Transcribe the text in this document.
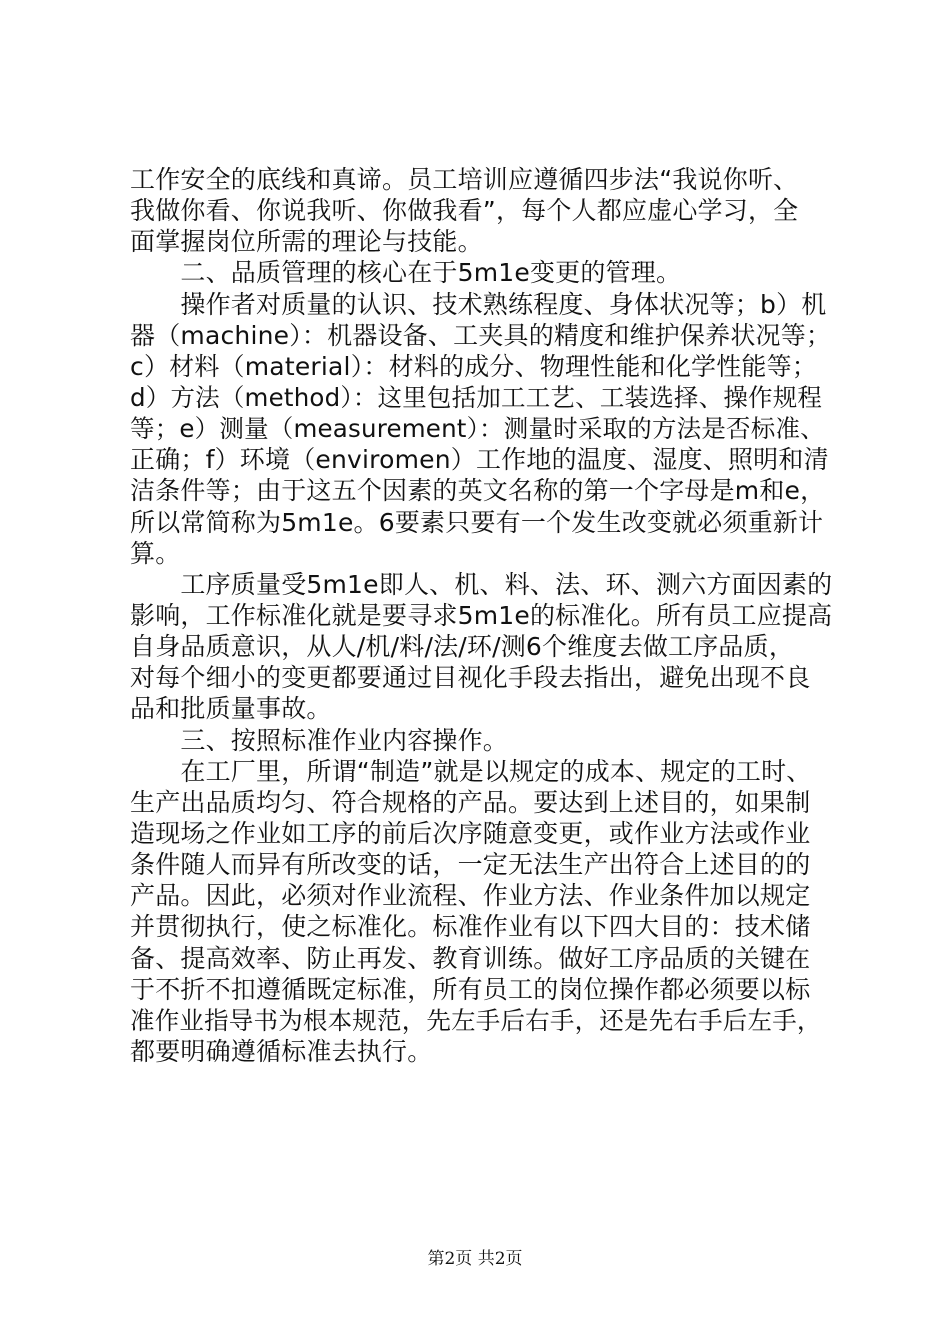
工作安全的底线和真谛。员工培训应遵循四步法“我说你听、
我做你看、你说我听、你做我看”，每个人都应虚心学习，全
面掌握岗位所需的理论与技能。
　　二、品质管理的核心在于5m1e变更的管理。
　　操作者对质量的认识、技术熟练程度、身体状况等；b）机
器（machine）：机器设备、工夹具的精度和维护保养状况等；
c）材料（material）：材料的成分、物理性能和化学性能等；
d）方法（method）：这里包括加工工艺、工装选择、操作规程
等；e）测量（measurement）：测量时采取的方法是否标准、
正确；f）环境（enviromen）工作地的温度、湿度、照明和清
洁条件等；由于这五个因素的英文名称的第一个字母是m和e，
所以常简称为5m1e。6要素只要有一个发生改变就必须重新计
算。
　　工序质量受5m1e即人、机、料、法、环、测六方面因素的
影响，工作标准化就是要寻求5m1e的标准化。所有员工应提高
自身品质意识，从人/机/料/法/环/测6个维度去做工序品质，
对每个细小的变更都要通过目视化手段去指出，避免出现不良
品和批质量事故。
　　三、按照标准作业内容操作。
　　在工厂里，所谓“制造”就是以规定的成本、规定的工时、
生产出品质均匀、符合规格的产品。要达到上述目的，如果制
造现场之作业如工序的前后次序随意变更，或作业方法或作业
条件随人而异有所改变的话，一定无法生产出符合上述目的的
产品。因此，必须对作业流程、作业方法、作业条件加以规定
并贯彻执行，使之标准化。标准作业有以下四大目的：技术储
备、提高效率、防止再发、教育训练。做好工序品质的关键在
于不折不扣遵循既定标准，所有员工的岗位操作都必须要以标
准作业指导书为根本规范，先左手后右手，还是先右手后左手，
都要明确遵循标准去执行。
第2页 共2页
